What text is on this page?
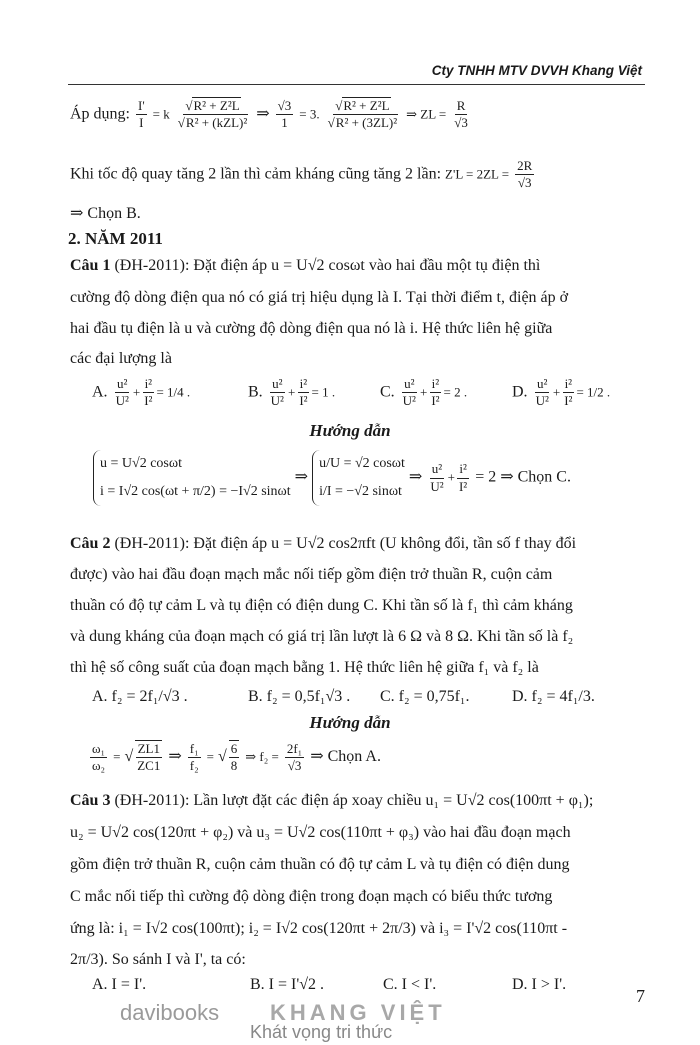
Cty TNHH MTV DVVH Khang Việt
Áp dụng: $\frac{I'}{I} = k \frac{\text{√R² + Z²L}}{\text{√R² + (kZL)²}}$ ⇒ $\frac{√3}{1} = 3$. $\frac{\text{√R² + Z²L}}{\text{√R² + (3ZL)²}}$ ⇒ ZL = $\frac{R}{√3}$
Khi tốc độ quay tăng 2 lần thì cảm kháng cũng tăng 2 lần: $Z'L = 2ZL = \frac{2R}{√3}$
⇒ Chọn B.
2. NĂM 2011
Câu 1 (ĐH-2011): Đặt điện áp u = U√2 cosωt vào hai đầu một tụ điện thì
cường độ dòng điện qua nó có giá trị hiệu dụng là I. Tại thời điểm t, điện áp ở
hai đầu tụ điện là u và cường độ dòng điện qua nó là i. Hệ thức liên hệ giữa
các đại lượng là
A. $\frac{\text{u²}}{\text{U²}} + \frac{\text{i²}}{\text{I²}} = 1/4$ .	B. $\frac{\text{u²}}{\text{U²}} + \frac{\text{i²}}{\text{I²}} = 1$ .	C. $\frac{\text{u²}}{\text{U²}} + \frac{\text{i²}}{\text{I²}} = 2$ .	D. $\frac{\text{u²}}{\text{U²}} + \frac{\text{i²}}{\text{I²}} = 1/2$ .
Hướng dẫn
u = U√2 cosωt
i = I√2 cos(ωt + π/2) = −I√2 sinωt
⇒
u/U = √2 cosωt
i/I = −√2 sinωt
⇒ $\frac{\text{u²}}{\text{U²}} + \frac{\text{i²}}{\text{I²}} = 2$ ⇒ Chọn C.
Câu 2 (ĐH-2011): Đặt điện áp u = U√2 cos2πft (U không đổi, tần số f thay đổi
được) vào hai đầu đoạn mạch mắc nối tiếp gồm điện trở thuần R, cuộn cảm
thuần có độ tự cảm L và tụ điện có điện dung C. Khi tần số là f₁ thì cảm kháng
và dung kháng của đoạn mạch có giá trị lần lượt là 6 Ω và 8 Ω. Khi tần số là f₂
thì hệ số công suất của đoạn mạch bằng 1. Hệ thức liên hệ giữa f₁ và f₂ là
A. f₂ = 2f₁/√3 .	B. f₂ = 0,5f₁√3 . C. f₂ = 0,75f₁.	D. f₂ = 4f₁/3.
Hướng dẫn
$\frac{\text{ω₁}}{\text{ω₂}}$ = √ $\frac{ZL1}{ZC1}$ ⇒ $\frac{\text{f₁}}{\text{f₂}}$ = √ $\frac{6}{8}$ ⇒ $f_2 = \frac{\text{2f₁}}{√3}$ ⇒ Chọn A.
Câu 3 (ĐH-2011): Lần lượt đặt các điện áp xoay chiều u₁ = U√2 cos(100πt + φ₁);
u₂ = U√2 cos(120πt + φ₂) và u₃ = U√2 cos(110πt + φ₃) vào hai đầu đoạn mạch
gồm điện trở thuần R, cuộn cảm thuần có độ tự cảm L và tụ điện có điện dung
C mắc nối tiếp thì cường độ dòng điện trong đoạn mạch có biểu thức tương
ứng là: i₁ = I√2 cos(100πt); i₂ = I√2 cos(120πt + 2π/3) và i₃ = I'√2 cos(110πt -
2π/3). So sánh I và I', ta có:
A. I = I'.	B. I = I'√2 .	C. I < I'.	D. I > I'.
davibooks KHANG VIỆT
Khát vọng tri thức
7
